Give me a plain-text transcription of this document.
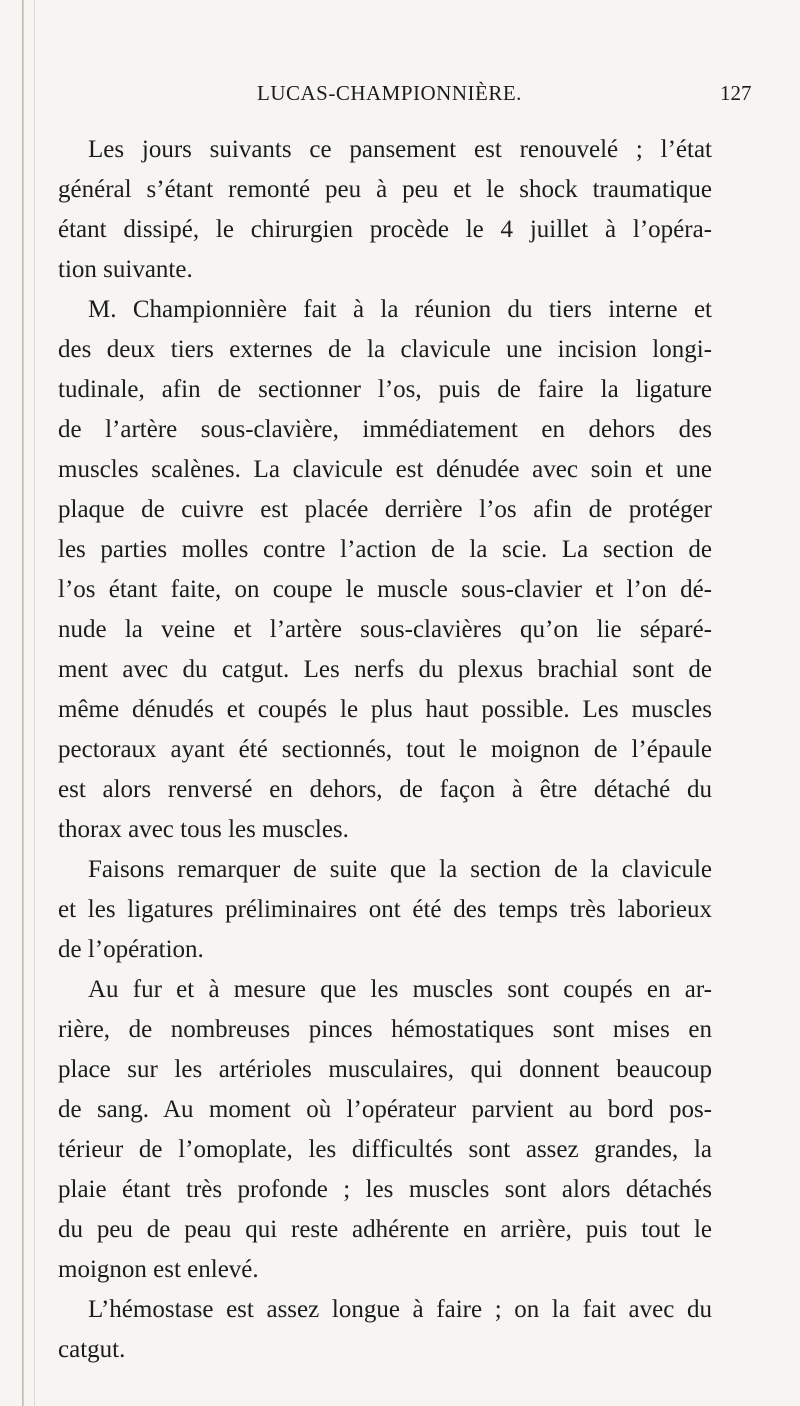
LUCAS-CHAMPIONNIÈRE.	127
Les jours suivants ce pansement est renouvelé ; l’état
général s’étant remonté peu à peu et le shock traumatique
étant dissipé, le chirurgien procède le 4 juillet à l’opéra-
tion suivante.
M. Championnière fait à la réunion du tiers interne et
des deux tiers externes de la clavicule une incision longi-
tudinale, afin de sectionner l’os, puis de faire la ligature
de l’artère sous-clavière, immédiatement en dehors des
muscles scalènes. La clavicule est dénudée avec soin et une
plaque de cuivre est placée derrière l’os afin de protéger
les parties molles contre l’action de la scie. La section de
l’os étant faite, on coupe le muscle sous-clavier et l’on dé-
nude la veine et l’artère sous-clavières qu’on lie séparé-
ment avec du catgut. Les nerfs du plexus brachial sont de
même dénudés et coupés le plus haut possible. Les muscles
pectoraux ayant été sectionnés, tout le moignon de l’épaule
est alors renversé en dehors, de façon à être détaché du
thorax avec tous les muscles.
Faisons remarquer de suite que la section de la clavicule
et les ligatures préliminaires ont été des temps très laborieux
de l’opération.
Au fur et à mesure que les muscles sont coupés en ar-
rière, de nombreuses pinces hémostatiques sont mises en
place sur les artérioles musculaires, qui donnent beaucoup
de sang. Au moment où l’opérateur parvient au bord pos-
térieur de l’omoplate, les difficultés sont assez grandes, la
plaie étant très profonde ; les muscles sont alors détachés
du peu de peau qui reste adhérente en arrière, puis tout le
moignon est enlevé.
L’hémostase est assez longue à faire ; on la fait avec du
catgut.
